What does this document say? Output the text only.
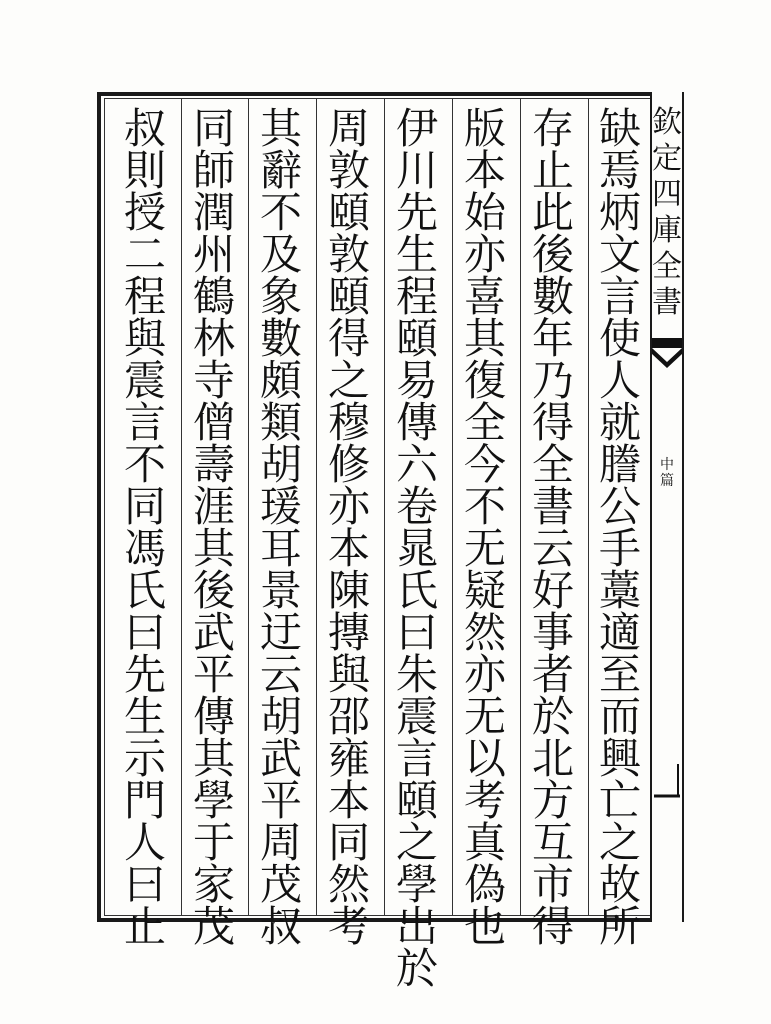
缺
焉
炳
文
言
使
人
就
謄
公
手
藁
適
至
而
興
亡
之
故
所
存
止
此
後
數
年
乃
得
全
書
云
好
事
者
於
北
方
互
市
得
版
本
始
亦
喜
其
復
全
今
不
无
疑
然
亦
无
以
考
真
偽
也
伊
川
先
生
程
頤
易
傳
六
卷
晁
氏
曰
朱
震
言
頤
之
學
出
於
周
敦
頤
敦
頤
得
之
穆
修
亦
本
陳
摶
與
邵
雍
本
同
然
考
其
辭
不
及
象
數
頗
類
胡
瑗
耳
景
迂
云
胡
武
平
周
茂
叔
同
師
潤
州
鶴
林
寺
僧
壽
涯
其
後
武
平
傳
其
學
于
家
茂
叔
則
授
二
程
與
震
言
不
同
馮
氏
曰
先
生
示
門
人
曰
止
欽
定
四
庫
全
書
中
篇
